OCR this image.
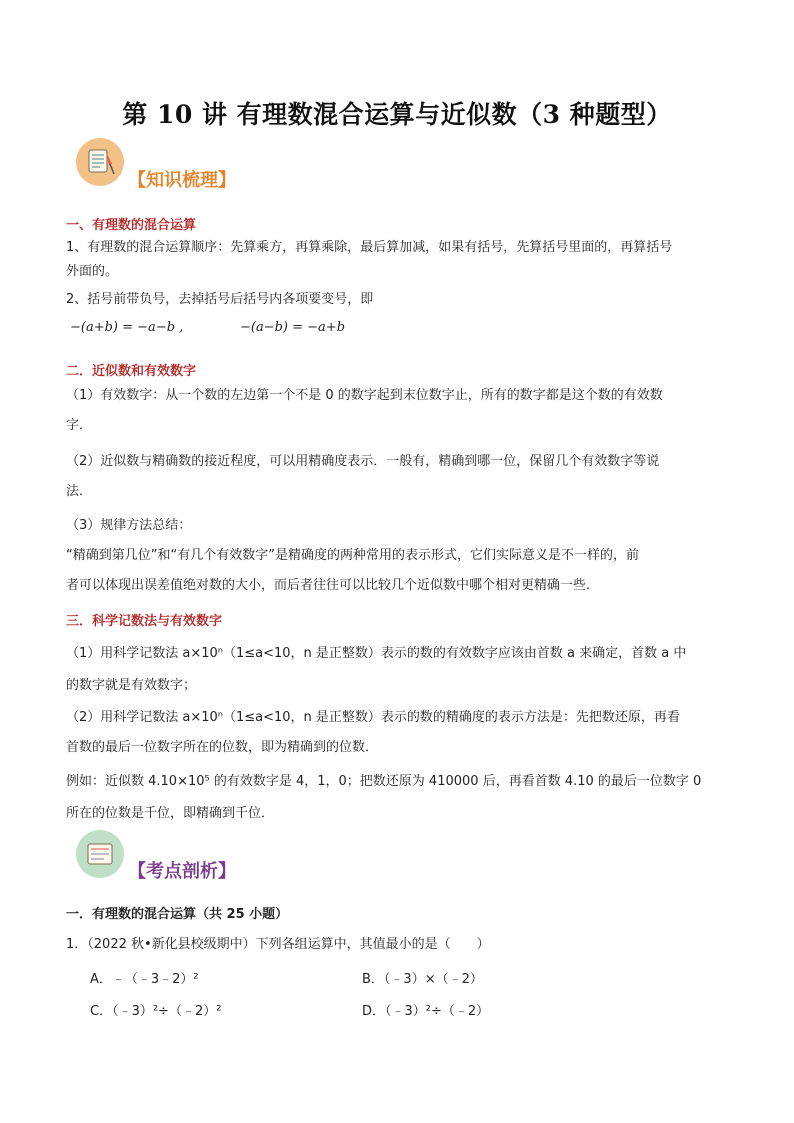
第 10 讲 有理数混合运算与近似数（3 种题型）
【知识梳理】
一、有理数的混合运算
1、有理数的混合运算顺序：先算乘方，再算乘除，最后算加减，如果有括号，先算括号里面的，再算括号
外面的。
2、括号前带负号，去掉括号后括号内各项要变号，即
−(a+b) = −a−b ,	−(a−b) = −a+b
二．近似数和有效数字
（1）有效数字：从一个数的左边第一个不是 0 的数字起到末位数字止，所有的数字都是这个数的有效数
字．
（2）近似数与精确数的接近程度，可以用精确度表示．一般有，精确到哪一位，保留几个有效数字等说
法．
（3）规律方法总结：
“精确到第几位”和“有几个有效数字”是精确度的两种常用的表示形式，它们实际意义是不一样的，前
者可以体现出误差值绝对数的大小，而后者往往可以比较几个近似数中哪个相对更精确一些．
三．科学记数法与有效数字
（1）用科学记数法 a×10ⁿ（1≤a<10，n 是正整数）表示的数的有效数字应该由首数 a 来确定，首数 a 中
的数字就是有效数字；
（2）用科学记数法 a×10ⁿ（1≤a<10，n 是正整数）表示的数的精确度的表示方法是：先把数还原，再看
首数的最后一位数字所在的位数，即为精确到的位数．
例如：近似数 4.10×10⁵ 的有效数字是 4，1，0；把数还原为 410000 后，再看首数 4.10 的最后一位数字 0
所在的位数是千位，即精确到千位．
【考点剖析】
一．有理数的混合运算（共 25 小题）
1．（2022 秋•新化县校级期中）下列各组运算中，其值最小的是（　　）
A．﹣（﹣3﹣2）²	B．（﹣3）×（﹣2）
C．（﹣3）²÷（﹣2）²	D．（﹣3）²÷（﹣2）
